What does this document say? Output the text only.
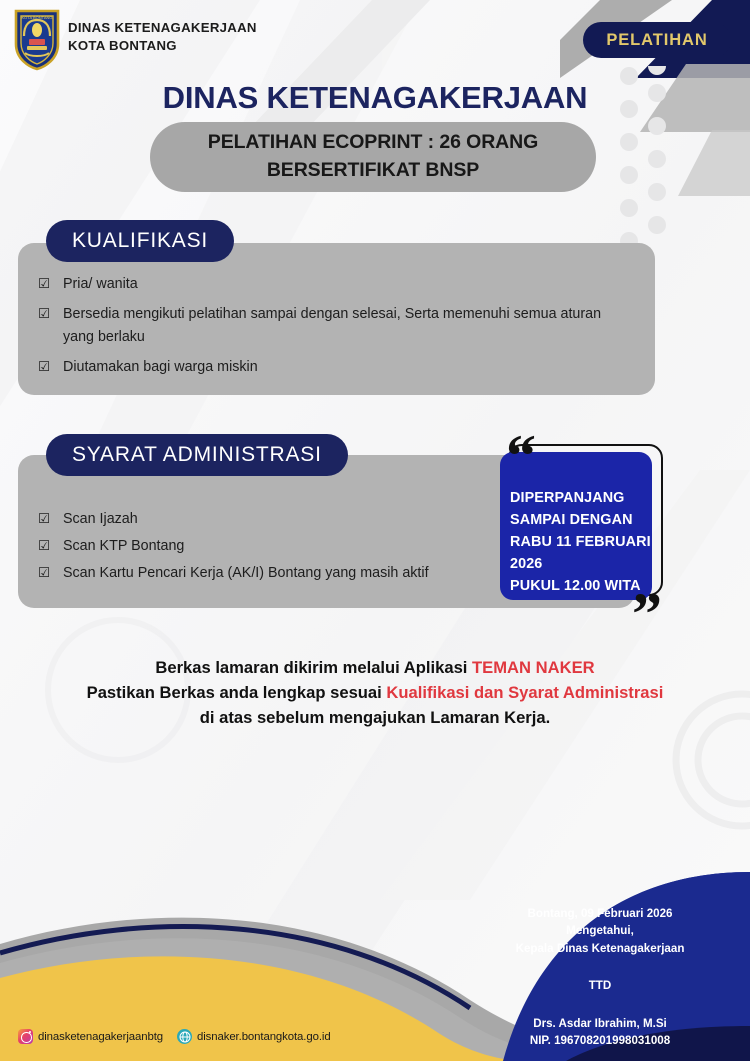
KOTA BONTANG
DINAS KETENAGAKERJAAN
KOTA BONTANG	PELATIHAN
DINAS KETENAGAKERJAAN
PELATIHAN ECOPRINT : 26 ORANG
BERSERTIFIKAT BNSP
KUALIFIKASI
☑ Pria/ wanita
☑ Bersedia mengikuti pelatihan sampai dengan selesai, Serta memenuhi semua aturan yang berlaku
☑ Diutamakan bagi warga miskin
SYARAT ADMINISTRASI
☑ Scan Ijazah
☑ Scan KTP Bontang
☑ Scan Kartu Pencari Kerja (AK/I) Bontang yang masih aktif
“
DIPERPANJANG
SAMPAI DENGAN
RABU 11 FEBRUARI 2026
PUKUL 12.00 WITA
”

Berkas lamaran dikirim melalui Aplikasi TEMAN NAKER

Pastikan Berkas anda lengkap sesuai Kualifikasi dan Syarat Administrasi

di atas sebelum mengajukan Lamaran Kerja.

Bontang, 09 Februari 2026
Mengetahui,
Kepala Dinas Ketenagakerjaan
TTD
Drs. Asdar Ibrahim, M.Si
NIP. 196708201998031008
dinasketenagakerjaanbtg	disnaker.bontangkota.go.id
